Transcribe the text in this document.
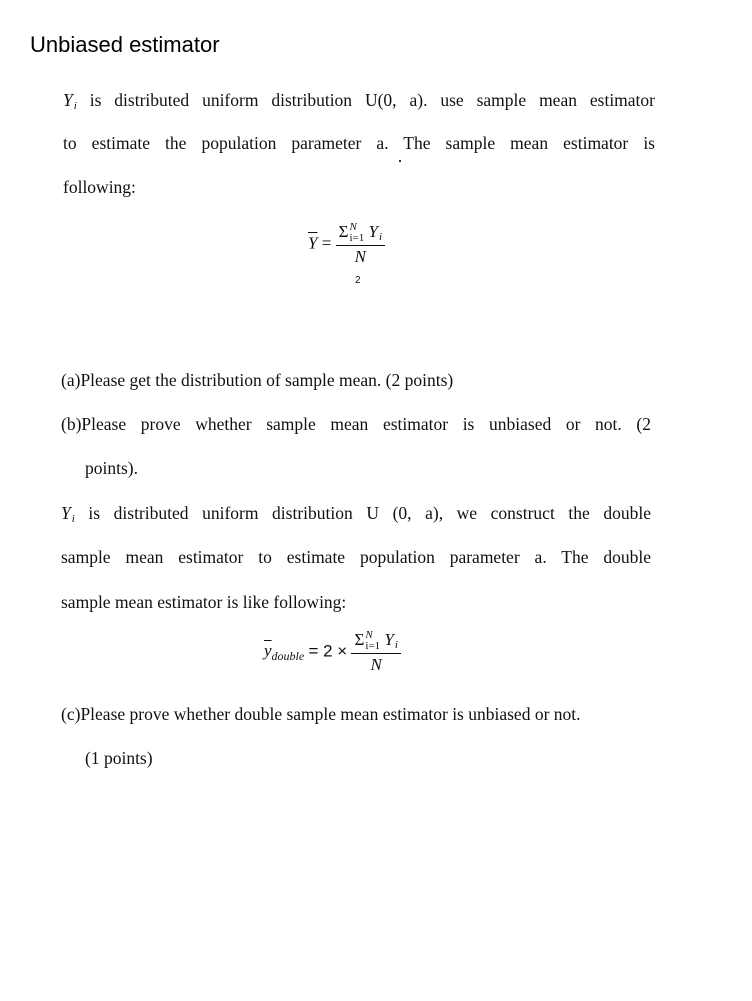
Unbiased estimator
$Y_i$ is distributed uniform distribution U(0, a). use sample mean estimator
to estimate the population parameter a. The sample mean estimator is
following:
$\overline{Y} = \Sigma$ N
i=1 $Y_i$
N
2
(a)Please get the distribution of sample mean. (2 points)
(b)Please prove whether sample mean estimator is unbiased or not. (2
points).
$Y_i$ is distributed uniform distribution U (0, a), we construct the double
sample mean estimator to estimate population parameter a. The double
sample mean estimator is like following:
$\overline{y}_{double} = 2 \times \Sigma$ N
i=1 $Y_i$
N
(c)Please prove whether double sample mean estimator is unbiased or not.
(1 points)
